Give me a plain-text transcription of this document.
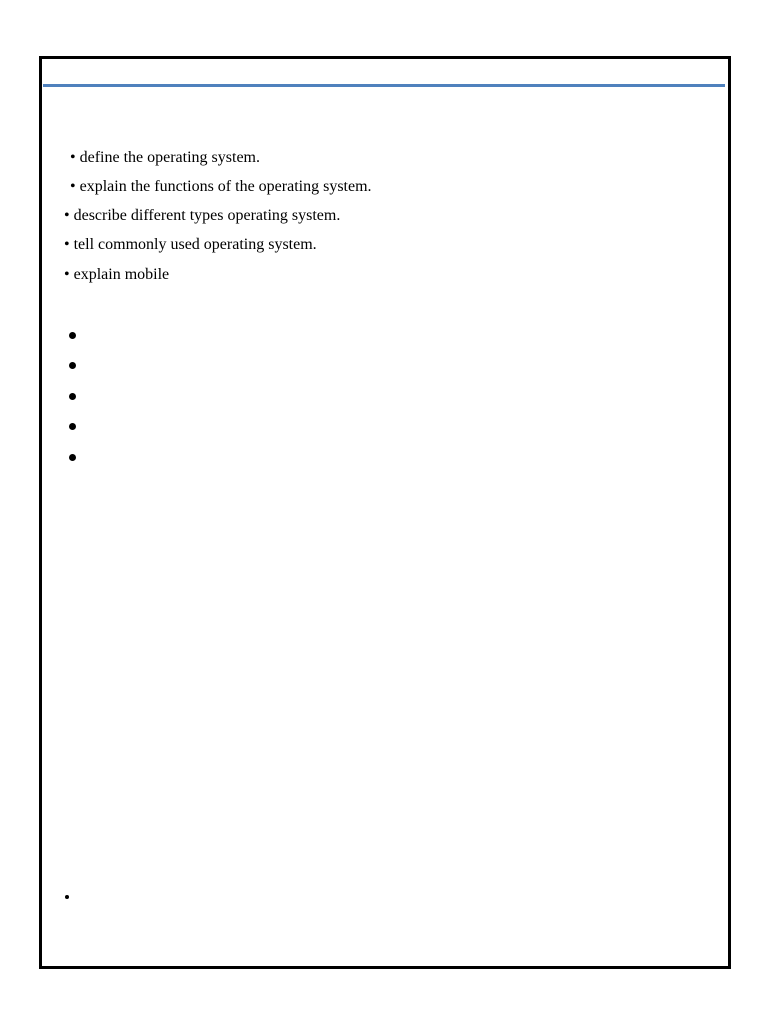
• define the operating system.
• explain the functions of the operating system.
• describe different types operating system.
• tell commonly used operating system.
• explain mobile
